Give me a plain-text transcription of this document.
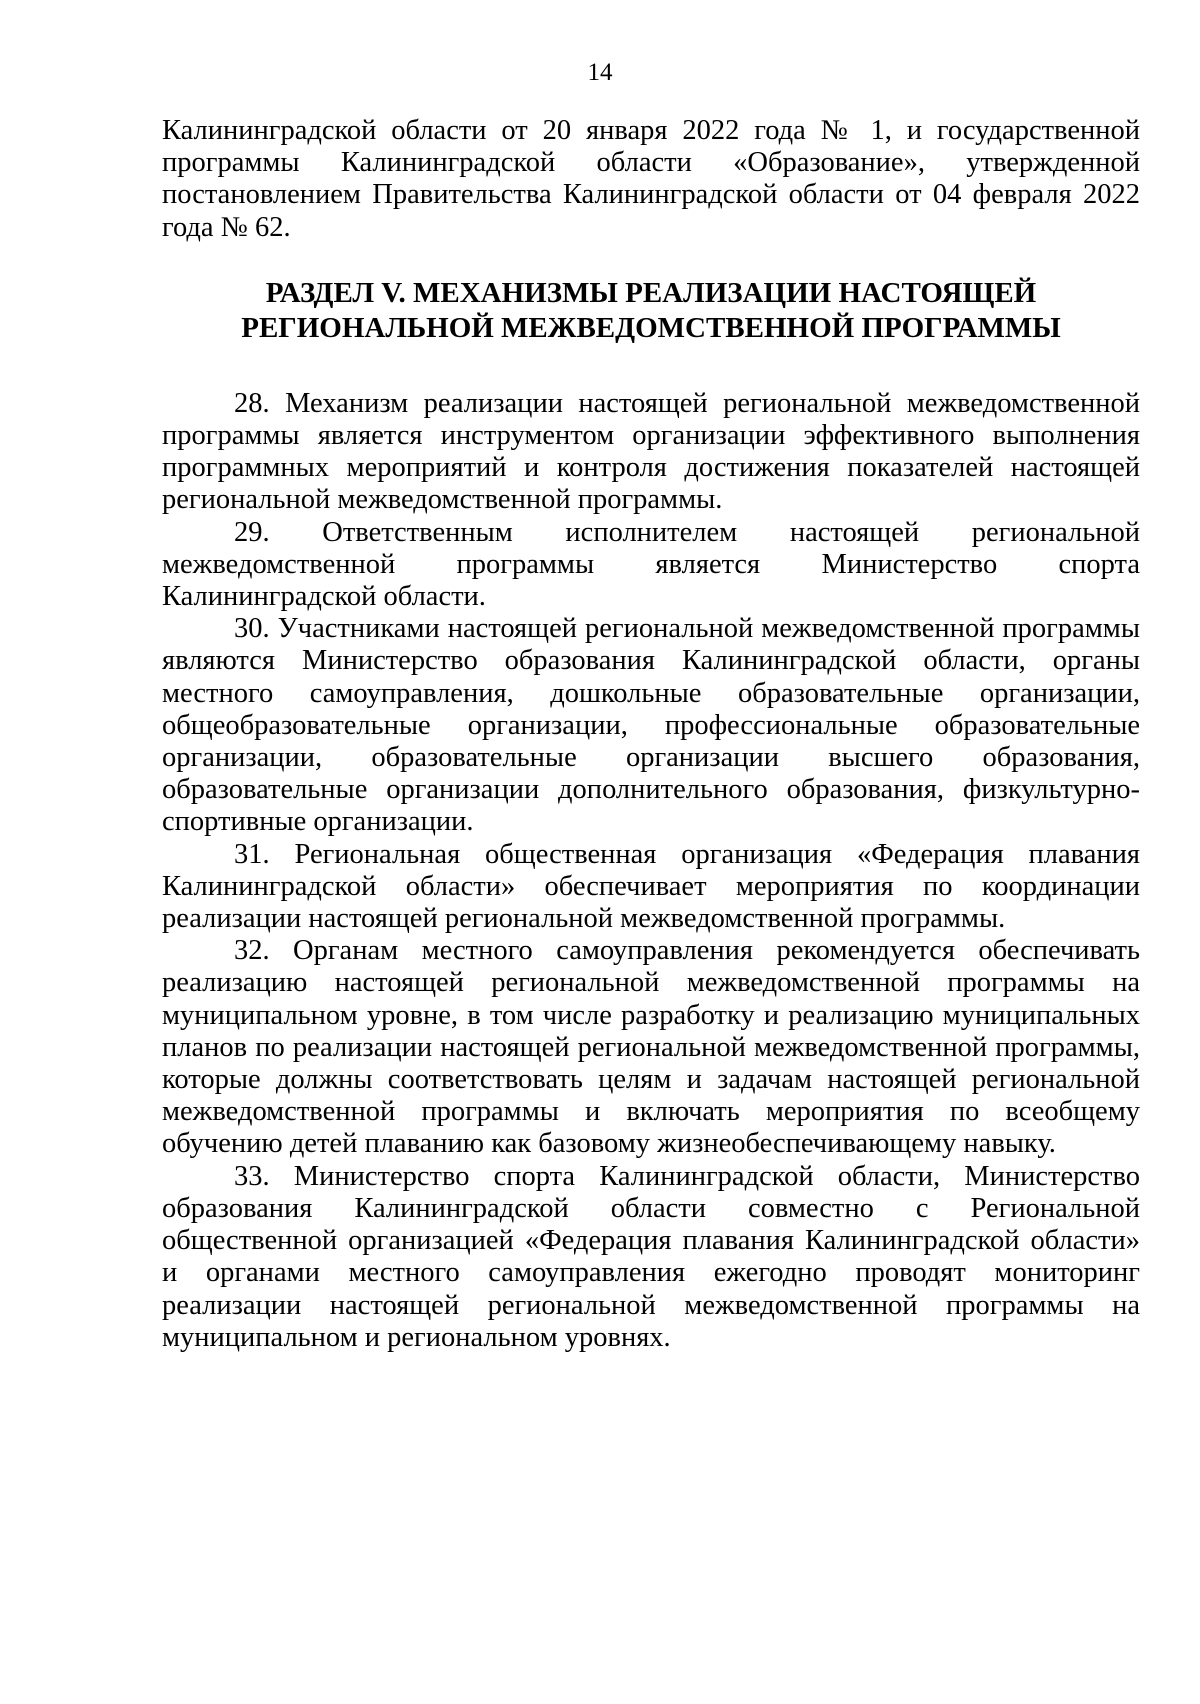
14

Калининградской области от 20 января 2022 года № 1, и государственной программы Калининградской области «Образование», утвержденной постановлением Правительства Калининградской области от 04 февраля 2022 года № 62.

РАЗДЕЛ V. МЕХАНИЗМЫ РЕАЛИЗАЦИИ НАСТОЯЩЕЙ
РЕГИОНАЛЬНОЙ МЕЖВЕДОМСТВЕННОЙ ПРОГРАММЫ

28. Механизм реализации настоящей региональной межведомственной программы является инструментом организации эффективного выполнения программных мероприятий и контроля достижения показателей настоящей региональной межведомственной программы.

29. Ответственным исполнителем настоящей региональной межведомственной программы является Министерство спорта Калининградской области.

30. Участниками настоящей региональной межведомственной программы являются Министерство образования Калининградской области, органы местного самоуправления, дошкольные образовательные организации, общеобразовательные организации, профессиональные образовательные организации, образовательные организации высшего образования, образовательные организации дополнительного образования, физкультурно-спортивные организации.

31. Региональная общественная организация «Федерация плавания Калининградской области» обеспечивает мероприятия по координации реализации настоящей региональной межведомственной программы.

32. Органам местного самоуправления рекомендуется обеспечивать реализацию настоящей региональной межведомственной программы на муниципальном уровне, в том числе разработку и реализацию муниципальных планов по реализации настоящей региональной межведомственной программы, которые должны соответствовать целям и задачам настоящей региональной межведомственной программы и включать мероприятия по всеобщему обучению детей плаванию как базовому жизнеобеспечивающему навыку.

33. Министерство спорта Калининградской области, Министерство образования Калининградской области совместно с Региональной общественной организацией «Федерация плавания Калининградской области» и органами местного самоуправления ежегодно проводят мониторинг реализации настоящей региональной межведомственной программы на муниципальном и региональном уровнях.
